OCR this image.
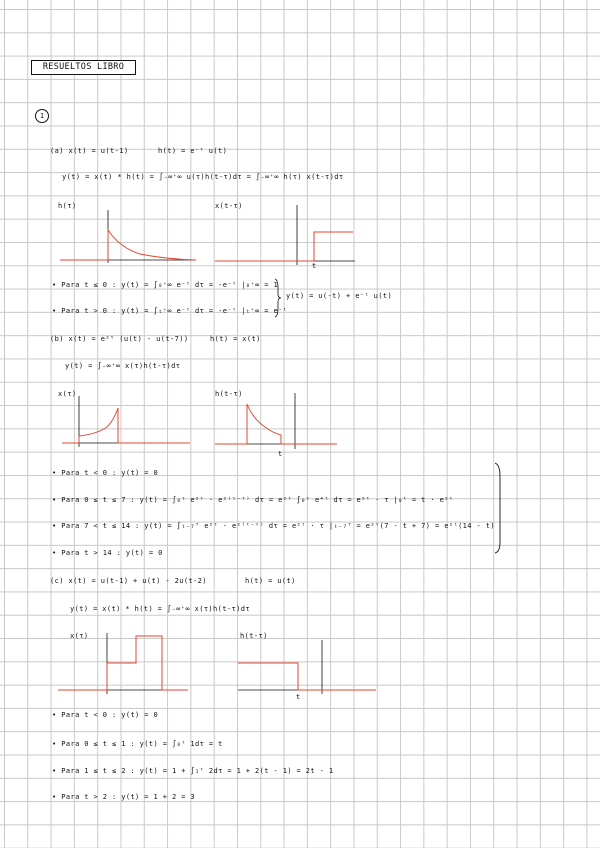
RESUELTOS LIBRO
1
(a) x(t) = u(t-1)	h(t) = e⁻ᵗ u(t)
y(t) = x(t) * h(t) = ∫₋∞⁺∞ u(τ)h(t-τ)dτ = ∫₋∞⁺∞ h(τ) x(t-τ)dτ
h(τ)	x(t-τ)
t
• Para t ≤ 0 : y(t) = ∫₀⁺∞ e⁻ᵗ dτ = -e⁻ᵗ |₀⁺∞ = 1
• Para t > 0 : y(t) = ∫ₜ⁺∞ e⁻ᵗ dτ = -e⁻ᵗ |ₜ⁺∞ = e⁻ᵗ
y(t) = u(-t) + e⁻ᵗ u(t)
(b) x(t) = e²ᵗ (u(t) - u(t-7))	h(t) = x(t)
y(t) = ∫₋∞⁺∞ x(τ)h(t-τ)dτ
x(τ)	h(t-τ)
t
• Para t < 0 : y(t) = 0
• Para 0 ≤ t ≤ 7 : y(t) = ∫₀ᵗ e²ᵗ · e²⁽ᵗ⁻ᵗ⁾ dτ = e²ᵗ ∫₀ᵗ e⁴ᵗ dτ = e²ᵗ · τ |₀ᵗ = t · e²ᵗ
• Para 7 < t ≤ 14 : y(t) = ∫ₜ₋₇⁷ e²ᵗ · e²⁽ᵗ⁻ᵗ⁾ dτ = e²ᵗ · τ |ₜ₋₇⁷ = e²ᵗ(7 - t + 7) = e²ᵗ(14 - t)
• Para t > 14 : y(t) = 0
(c) x(t) = u(t-1) + u(t) - 2u(t-2)	h(t) = u(t)
y(t) = x(t) * h(t) = ∫₋∞⁺∞ x(τ)h(t-τ)dτ
x(τ)	h(t-τ)
t
• Para t < 0 : y(t) = 0
• Para 0 ≤ t ≤ 1 : y(t) = ∫₀ᵗ 1dτ = t
• Para 1 ≤ t ≤ 2 : y(t) = 1 + ∫₁ᵗ 2dτ = 1 + 2(t - 1) = 2t - 1
• Para t > 2 : y(t) = 1 + 2 = 3
